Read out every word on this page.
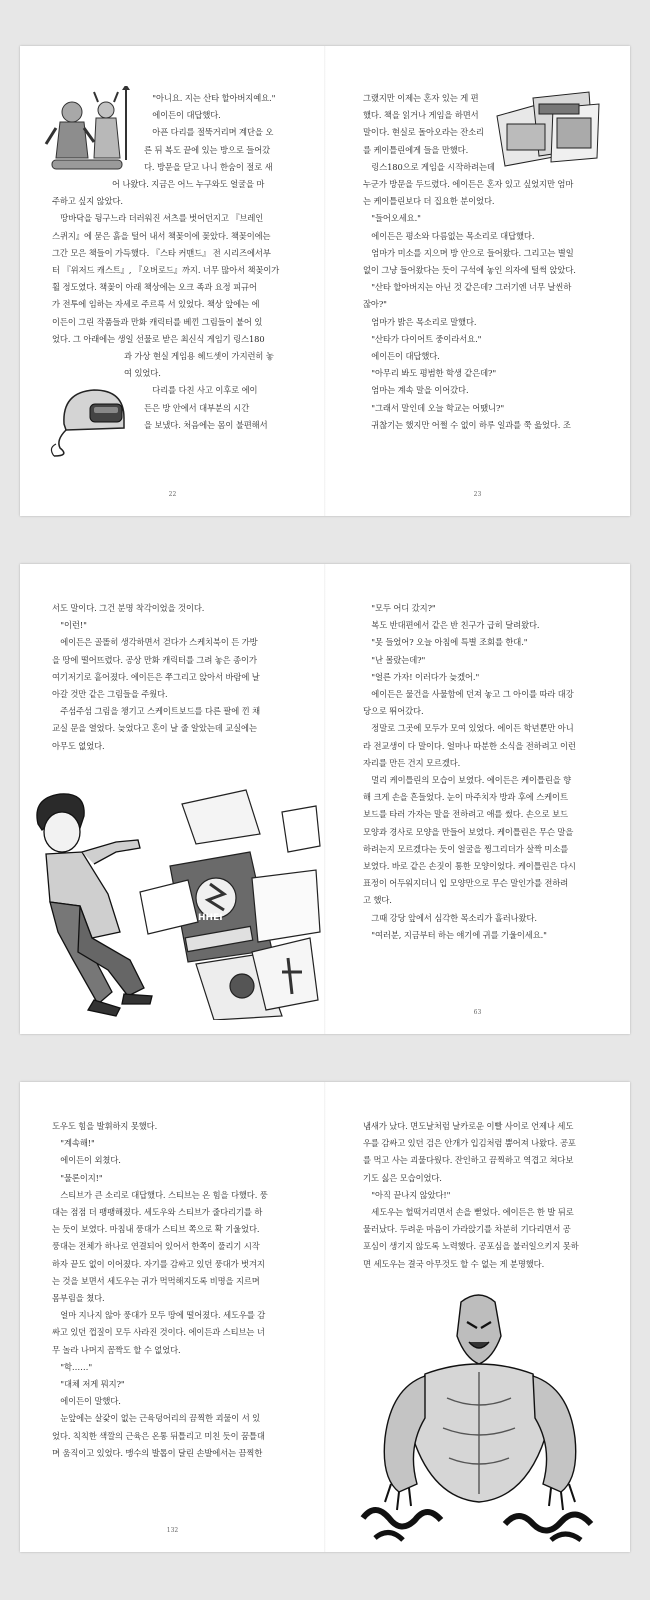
"아니요. 지는 산타 할아버지예요."

에이든이 대답했다.

아픈 다리를 절뚝거리며 계단을 오

른 뒤 복도 끝에 있는 방으로 들어갔

다. 방문을 닫고 나니 한숨이 절로 새

어 나왔다. 지금은 어느 누구와도 얼굴을 마

주하고 싶지 않았다.

땅바닥을 뒹구느라 더러워진 셔츠를 벗어던지고 『브레인

스퀴지』에 묻은 흙을 털어 내서 책꽂이에 꽂았다. 책꽂이에는

그간 모은 책들이 가득했다. 『스타 커맨드』 전 시리즈에서부

터 『위저드 캐스트』, 『오버로드』까지. 너무 많아서 책꽂이가

휠 정도였다. 책꽂이 아래 책상에는 오크 족과 요정 피규어

가 전투에 임하는 자세로 주르륵 서 있었다. 책상 앞에는 에

이든이 그린 작품들과 만화 캐릭터를 베낀 그림들이 붙어 있

었다. 그 아래에는 생일 선물로 받은 최신식 게임기 링스180

과 가상 현실 게임용 헤드셋이 가지런히 놓

여 있었다.

다리를 다친 사고 이후로 에이

든은 방 안에서 대부분의 시간

을 보냈다. 처음에는 몸이 불편해서

22

그랬지만 이제는 혼자 있는 게 편

했다. 책을 읽거나 게임을 하면서

말이다. 현실로 돌아오라는 잔소리

를 케이틀린에게 들을 만했다.

링스180으로 게임을 시작하려는데

누군가 방문을 두드렸다. 에이든은 혼자 있고 싶었지만 엄마

는 케이틀린보다 더 집요한 분이었다.

"들어오세요."

에이든은 평소와 다름없는 목소리로 대답했다.

엄마가 미소를 지으며 방 안으로 들어왔다. 그리고는 별일

없이 그냥 들어왔다는 듯이 구석에 놓인 의자에 털썩 앉았다.

"산타 할아버지는 아닌 것 같은데? 그러기엔 너무 날씬하

잖아?"

엄마가 밝은 목소리로 말했다.

"산타가 다이어트 중이라서요."

에이든이 대답했다.

"아무리 봐도 평범한 학생 같은데?"

엄마는 계속 말을 이어갔다.

"그래서 말인데 오늘 학교는 어땠니?"

귀찮기는 했지만 어쩔 수 없이 하루 일과를 쭉 읊었다. 조

23

서도 말이다. 그건 분명 착각이었을 것이다.

"이런!"

에이든은 골똘히 생각하면서 걷다가 스케치북이 든 가방

을 땅에 떨어뜨렸다. 공상 만화 캐릭터를 그려 놓은 종이가

여기저기로 흩어졌다. 에이든은 쭈그리고 앉아서 바람에 날

아갈 것만 같은 그림들을 주웠다.

주섬주섬 그림을 챙기고 스케이트보드를 다른 팔에 낀 채

교실 문을 열었다. 늦었다고 혼이 날 줄 알았는데 교실에는

아무도 없었다.

HHEI

"모두 어디 갔지?"

복도 반대편에서 같은 반 친구가 급히 달려왔다.

"못 들었어? 오늘 아침에 특별 조회를 한대."

"난 몰랐는데?"

"얼른 가자! 이러다가 늦겠어."

에이든은 물건을 사물함에 던져 놓고 그 아이를 따라 대강

당으로 뛰어갔다.

정말로 그곳에 모두가 모여 있었다. 에이든 학년뿐만 아니

라 전교생이 다 말이다. 얼마나 따분한 소식을 전하려고 이런

자리를 만든 건지 모르겠다.

멀리 케이틀린의 모습이 보였다. 에이든은 케이틀린을 향

해 크게 손을 흔들었다. 눈이 마주치자 방과 후에 스케이트

보드를 타러 가자는 말을 전하려고 애를 썼다. 손으로 보드

모양과 경사로 모양을 만들어 보였다. 케이틀린은 무슨 말을

하려는지 모르겠다는 듯이 얼굴을 찡그리더가 살짝 미소를

보였다. 바로 같은 손짓이 통한 모양이었다. 케이틀린은 다시

표정이 어두워지더니 입 모양만으로 무슨 말인가를 전하려

고 했다.

그때 강당 앞에서 심각한 목소리가 흘러나왔다.

"여러분, 지금부터 하는 얘기에 귀를 기울이세요."

63

도우도 힘을 발휘하지 못했다.

"계속해!"

에이든이 외쳤다.

"물론이지!"

스티브가 큰 소리로 대답했다. 스티브는 온 힘을 다했다. 풍

대는 점점 더 팽팽해졌다. 세도우와 스티브가 줄다리기를 하

는 듯이 보였다. 마침내 풍대가 스티브 쪽으로 확 기울었다.

풍대는 전체가 하나로 연결되어 있어서 한쪽이 풀리기 시작

하자 끝도 없이 이어졌다. 자기를 감싸고 있던 풍대가 벗겨지

는 것을 보면서 세도우는 귀가 먹먹해지도록 비명을 지르며

몸부림을 쳤다.

얼마 지나지 않아 풍대가 모두 땅에 떨어졌다. 세도우를 감

싸고 있던 껍질이 모두 사라진 것이다. 에이든과 스티브는 너

무 놀라 나머지 꼼짝도 할 수 없었다.

"학……"

"대체 저게 뭐지?"

에이든이 말했다.

눈앞에는 살갗이 없는 근육덩어리의 끔찍한 괴물이 서 있

었다. 칙칙한 색깔의 근육은 온통 뒤틀리고 미친 듯이 꿈틀대

며 움직이고 있었다. 맹수의 발톱이 달린 손발에서는 끔찍한

132

냄새가 났다. 면도날처럼 날카로운 이빨 사이로 언제나 세도

우를 감싸고 있던 검은 안개가 입김처럼 뿜어져 나왔다. 공포

를 먹고 사는 괴물다웠다. 잔인하고 끔찍하고 역겹고 쳐다보

기도 싫은 모습이었다.

"아직 끝나지 않았다!"

세도우는 헐떡거리면서 손을 뻗었다. 에이든은 한 발 뒤로

물러났다. 두려운 마음이 가라앉기를 차분히 기다리면서 공

포심이 생기지 않도록 노력했다. 공포심을 불러일으키지 못하

면 세도우는 결국 아무것도 할 수 없는 게 분명했다.
